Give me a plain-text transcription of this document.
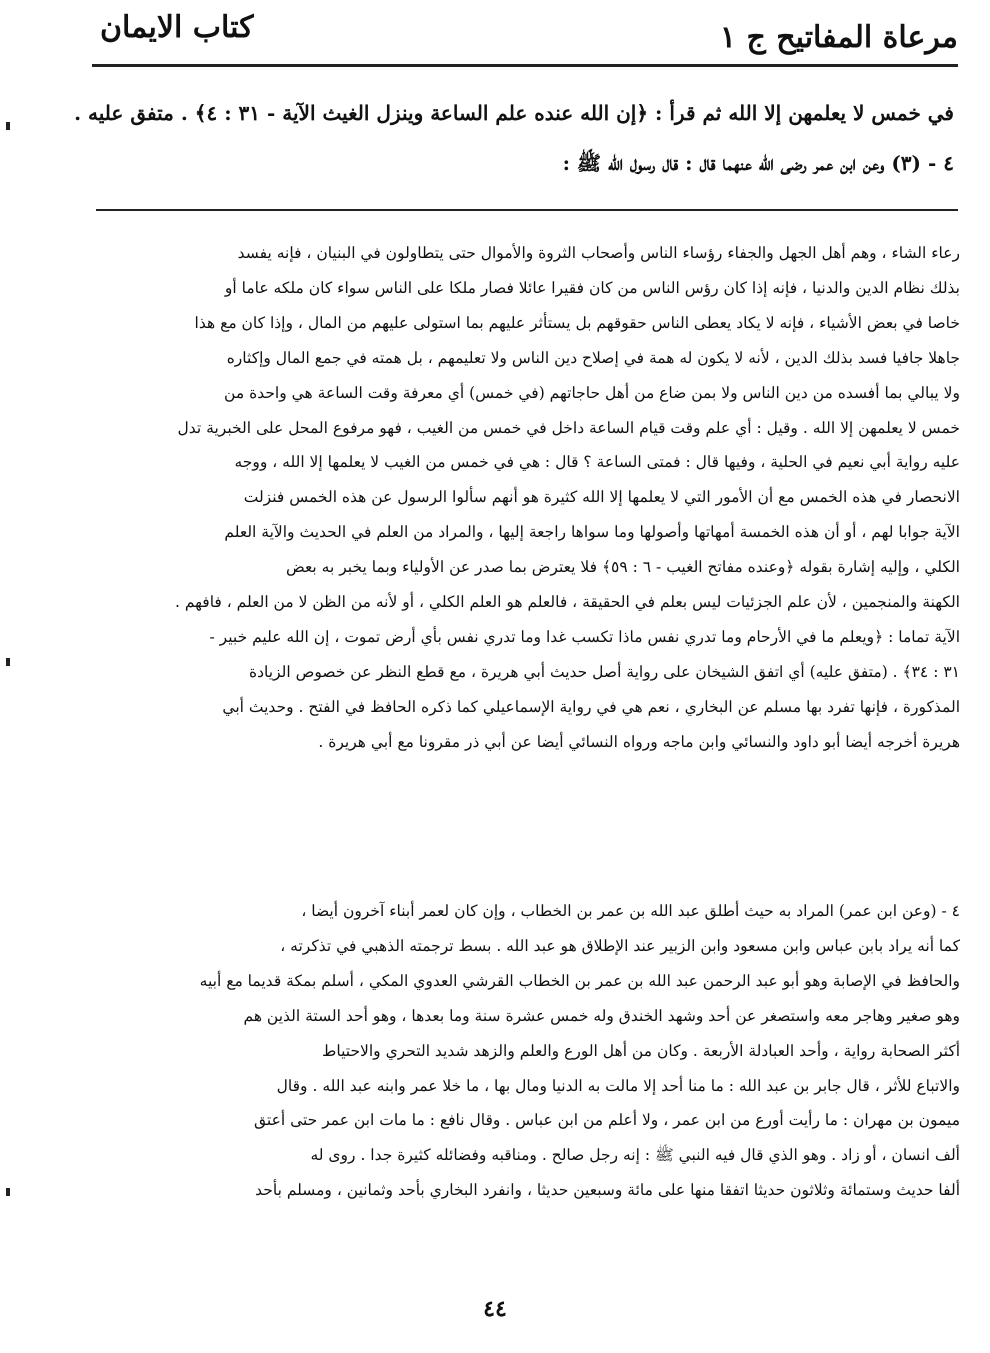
مرعاة المفاتيح ج ١
كتاب الايمان
في خمس لا يعلمهن إلا الله ثم قرأ : ﴿إن الله عنده علم الساعة وينزل الغيث الآية - ٣١ : ٤﴾ . متفق عليه .
٤ - (٣) وعن ابن عمر رضى الله عنهما قال : قال رسول الله ﷺ :
رعاء الشاء ، وهم أهل الجهل والجفاء رؤساء الناس وأصحاب الثروة والأموال حتى يتطاولون في البنيان ، فإنه يفسد
بذلك نظام الدين والدنيا ، فإنه إذا كان رؤس الناس من كان فقيرا عائلا فصار ملكا على الناس سواء كان ملكه عاما أو
خاصا في بعض الأشياء ، فإنه لا يكاد يعطى الناس حقوقهم بل يستأثر عليهم بما استولى عليهم من المال ، وإذا كان مع هذا
جاهلا جافيا فسد بذلك الدين ، لأنه لا يكون له همة في إصلاح دين الناس ولا تعليمهم ، بل همته في جمع المال وإكثاره
ولا يبالي بما أفسده من دين الناس ولا بمن ضاع من أهل حاجاتهم (في خمس) أي معرفة وقت الساعة هي واحدة من
خمس لا يعلمهن إلا الله . وقيل : أي علم وقت قيام الساعة داخل في خمس من الغيب ، فهو مرفوع المحل على الخبرية تدل
عليه رواية أبي نعيم في الحلية ، وفيها قال : فمتى الساعة ؟ قال : هي في خمس من الغيب لا يعلمها إلا الله ، ووجه
الانحصار في هذه الخمس مع أن الأمور التي لا يعلمها إلا الله كثيرة هو أنهم سألوا الرسول عن هذه الخمس فنزلت
الآية جوابا لهم ، أو أن هذه الخمسة أمهاتها وأصولها وما سواها راجعة إليها ، والمراد من العلم في الحديث والآية العلم
الكلي ، وإليه إشارة بقوله ﴿وعنده مفاتح الغيب - ٦ : ٥٩﴾ فلا يعترض بما صدر عن الأولياء وبما يخبر به بعض
الكهنة والمنجمين ، لأن علم الجزئيات ليس بعلم في الحقيقة ، فالعلم هو العلم الكلي ، أو لأنه من الظن لا من العلم ، فافهم .
الآية تماما : ﴿ويعلم ما في الأرحام وما تدري نفس ماذا تكسب غدا وما تدري نفس بأي أرض تموت ، إن الله عليم خبير -
٣١ : ٣٤﴾ . (متفق عليه) أي اتفق الشيخان على رواية أصل حديث أبي هريرة ، مع قطع النظر عن خصوص الزيادة
المذكورة ، فإنها تفرد بها مسلم عن البخاري ، نعم هي في رواية الإسماعيلي كما ذكره الحافظ في الفتح . وحديث أبي
هريرة أخرجه أيضا أبو داود والنسائي وابن ماجه ورواه النسائي أيضا عن أبي ذر مقرونا مع أبي هريرة .
٤ - (وعن ابن عمر) المراد به حيث أطلق عبد الله بن عمر بن الخطاب ، وإن كان لعمر أبناء آخرون أيضا ،
كما أنه يراد بابن عباس وابن مسعود وابن الزبير عند الإطلاق هو عبد الله . بسط ترجمته الذهبي في تذكرته ،
والحافظ في الإصابة وهو أبو عبد الرحمن عبد الله بن عمر بن الخطاب القرشي العدوي المكي ، أسلم بمكة قديما مع أبيه
وهو صغير وهاجر معه واستصغر عن أحد وشهد الخندق وله خمس عشرة سنة وما بعدها ، وهو أحد الستة الذين هم
أكثر الصحابة رواية ، وأحد العبادلة الأربعة . وكان من أهل الورع والعلم والزهد شديد التحري والاحتياط
والاتباع للأثر ، قال جابر بن عبد الله : ما منا أحد إلا مالت به الدنيا ومال بها ، ما خلا عمر وابنه عبد الله . وقال
ميمون بن مهران : ما رأيت أورع من ابن عمر ، ولا أعلم من ابن عباس . وقال نافع : ما مات ابن عمر حتى أعتق
ألف انسان ، أو زاد . وهو الذي قال فيه النبي ﷺ : إنه رجل صالح . ومناقبه وفضائله كثيرة جدا . روى له
ألفا حديث وستمائة وثلاثون حديثا اتفقا منها على مائة وسبعين حديثا ، وانفرد البخاري بأحد وثمانين ، ومسلم بأحد
٤٤
